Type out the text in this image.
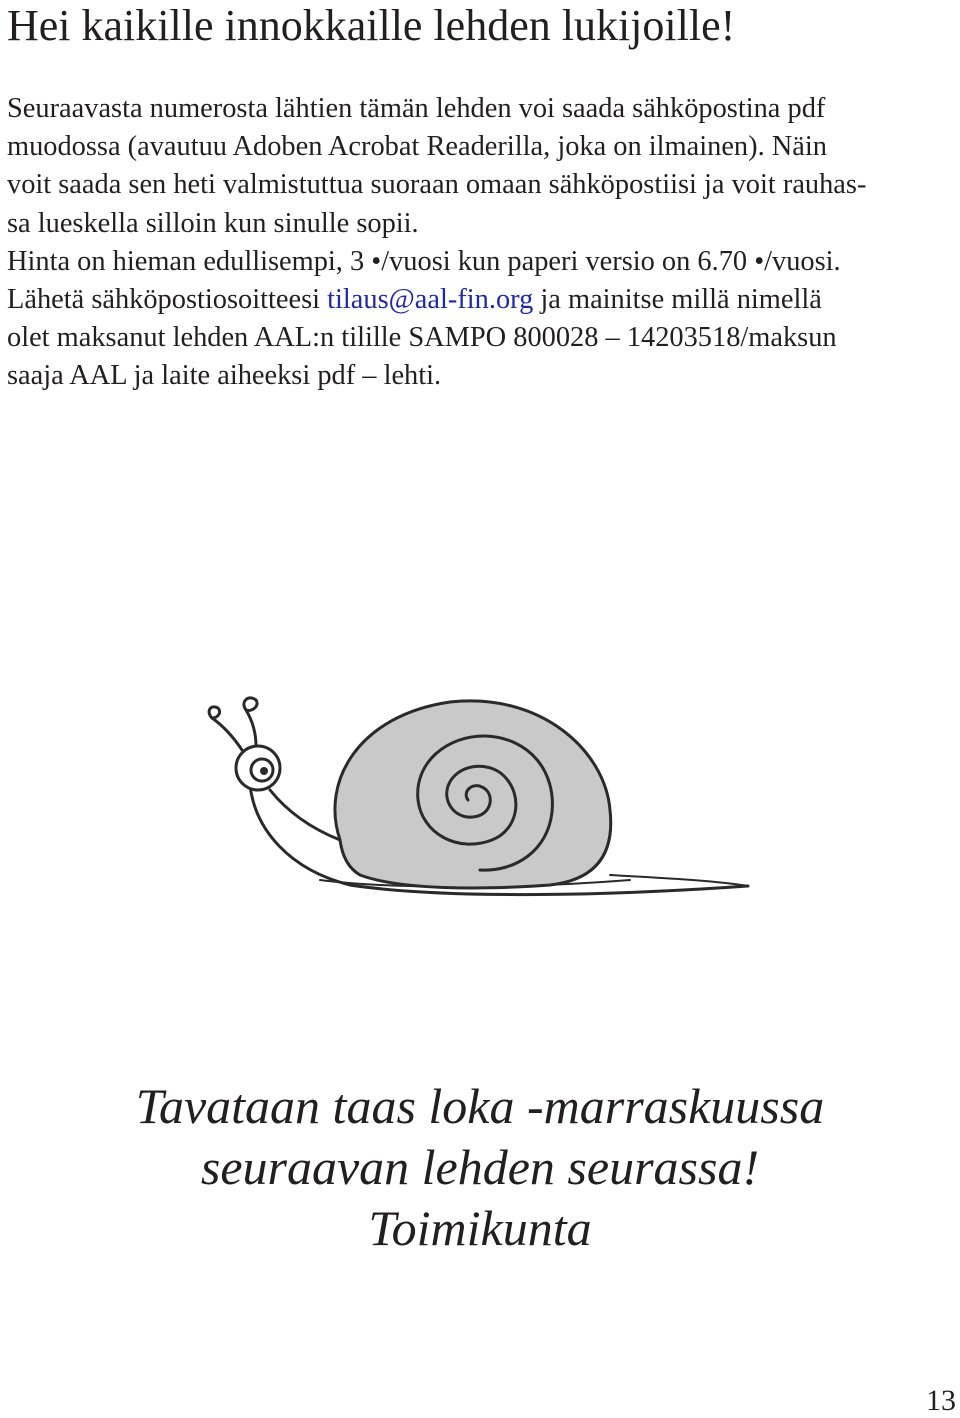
Hei kaikille innokkaille lehden lukijoille!
Seuraavasta numerosta lähtien tämän lehden voi saada sähköpostina pdf
muodossa (avautuu Adoben Acrobat Readerilla, joka on ilmainen). Näin
voit saada sen heti valmistuttua suoraan omaan sähköpostiisi ja voit rauhas-
sa lueskella silloin kun sinulle sopii.
Hinta on hieman edullisempi, 3 •/vuosi kun paperi versio on 6.70 •/vuosi.
Lähetä sähköpostiosoitteesi tilaus@aal-fin.org ja mainitse millä nimellä
olet maksanut lehden AAL:n tilille SAMPO 800028 – 14203518/maksun
saaja AAL ja laite aiheeksi pdf – lehti.
Tavataan taas loka -marraskuussa
seuraavan lehden seurassa!
Toimikunta
13
